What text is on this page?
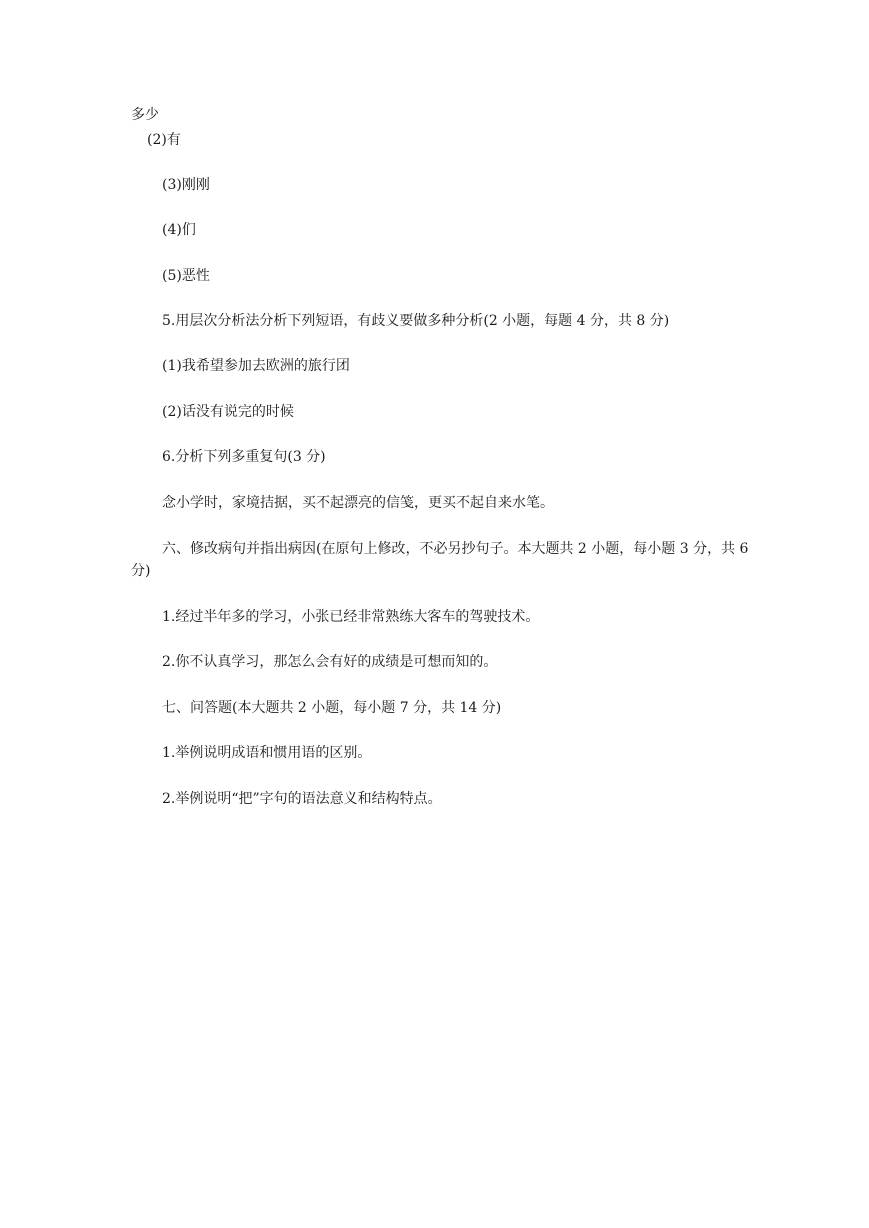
多少
(2)有
(3)刚刚
(4)们
(5)恶性
5.用层次分析法分析下列短语，有歧义要做多种分析(2 小题，每题 4 分，共 8 分)
(1)我希望参加去欧洲的旅行团
(2)话没有说完的时候
6.分析下列多重复句(3 分)
念小学时，家境拮据，买不起漂亮的信笺，更买不起自来水笔。
六、修改病句并指出病因(在原句上修改，不必另抄句子。本大题共 2 小题，每小题 3 分，共 6 分)
1.经过半年多的学习，小张已经非常熟练大客车的驾驶技术。
2.你不认真学习，那怎么会有好的成绩是可想而知的。
七、问答题(本大题共 2 小题，每小题 7 分，共 14 分)
1.举例说明成语和惯用语的区别。
2.举例说明“把”字句的语法意义和结构特点。
